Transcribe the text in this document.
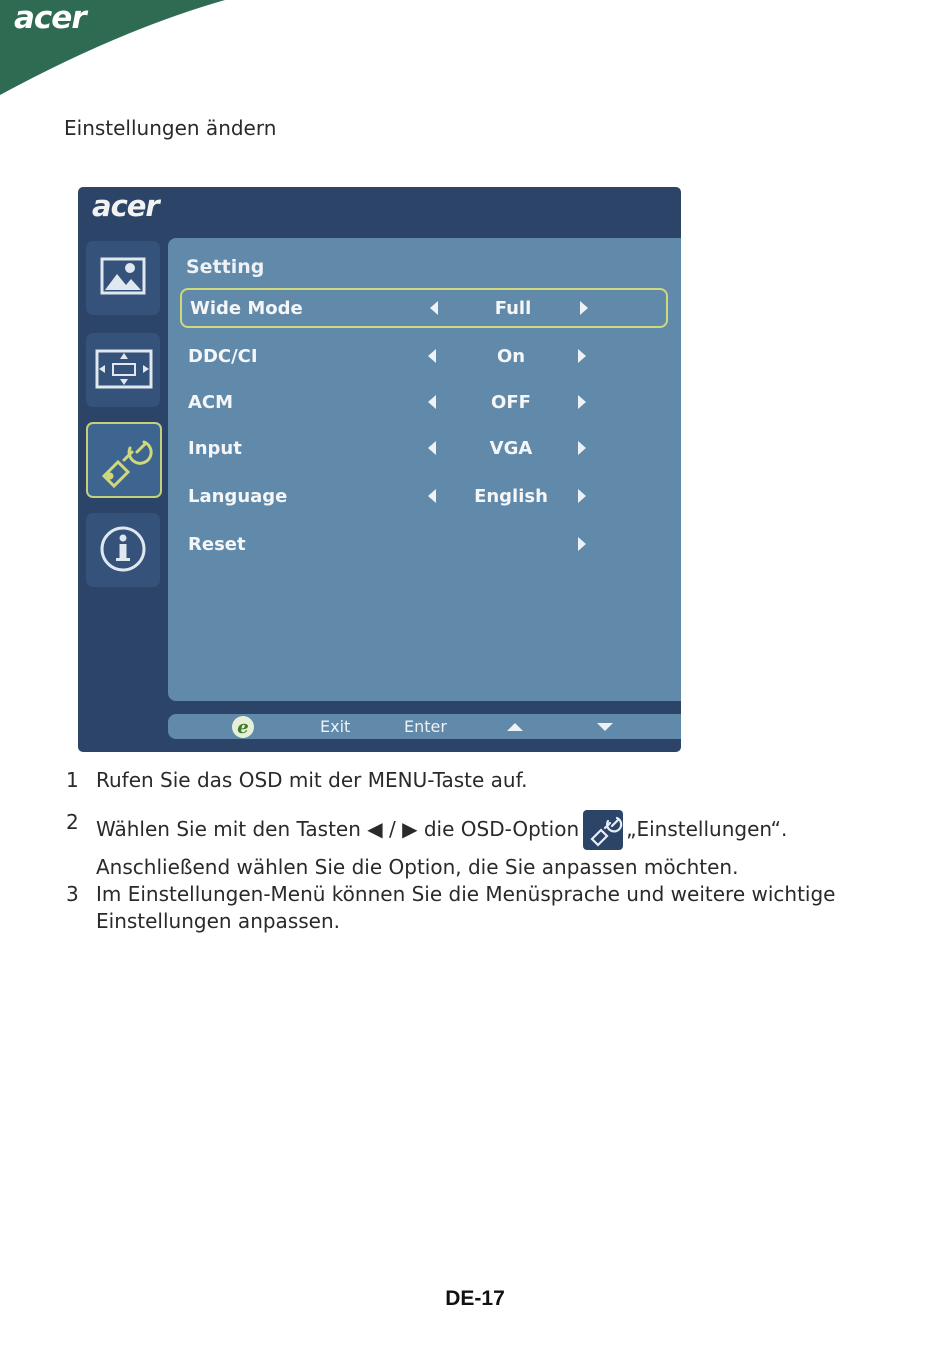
acer
Einstellungen ändern
acer
Setting
Wide Mode	Full
DDC/CI	On
ACM	OFF
Input	VGA
Language	English
Reset
e	Exit	Enter
1 Rufen Sie das OSD mit der MENU-Taste auf.
2 Wählen Sie mit den Tasten ◀ / ▶ die OSD-Option „Einstellungen“.
Anschließend wählen Sie die Option, die Sie anpassen möchten.
3 Im Einstellungen-Menü können Sie die Menüsprache und weitere wichtige
Einstellungen anpassen.
DE-17
